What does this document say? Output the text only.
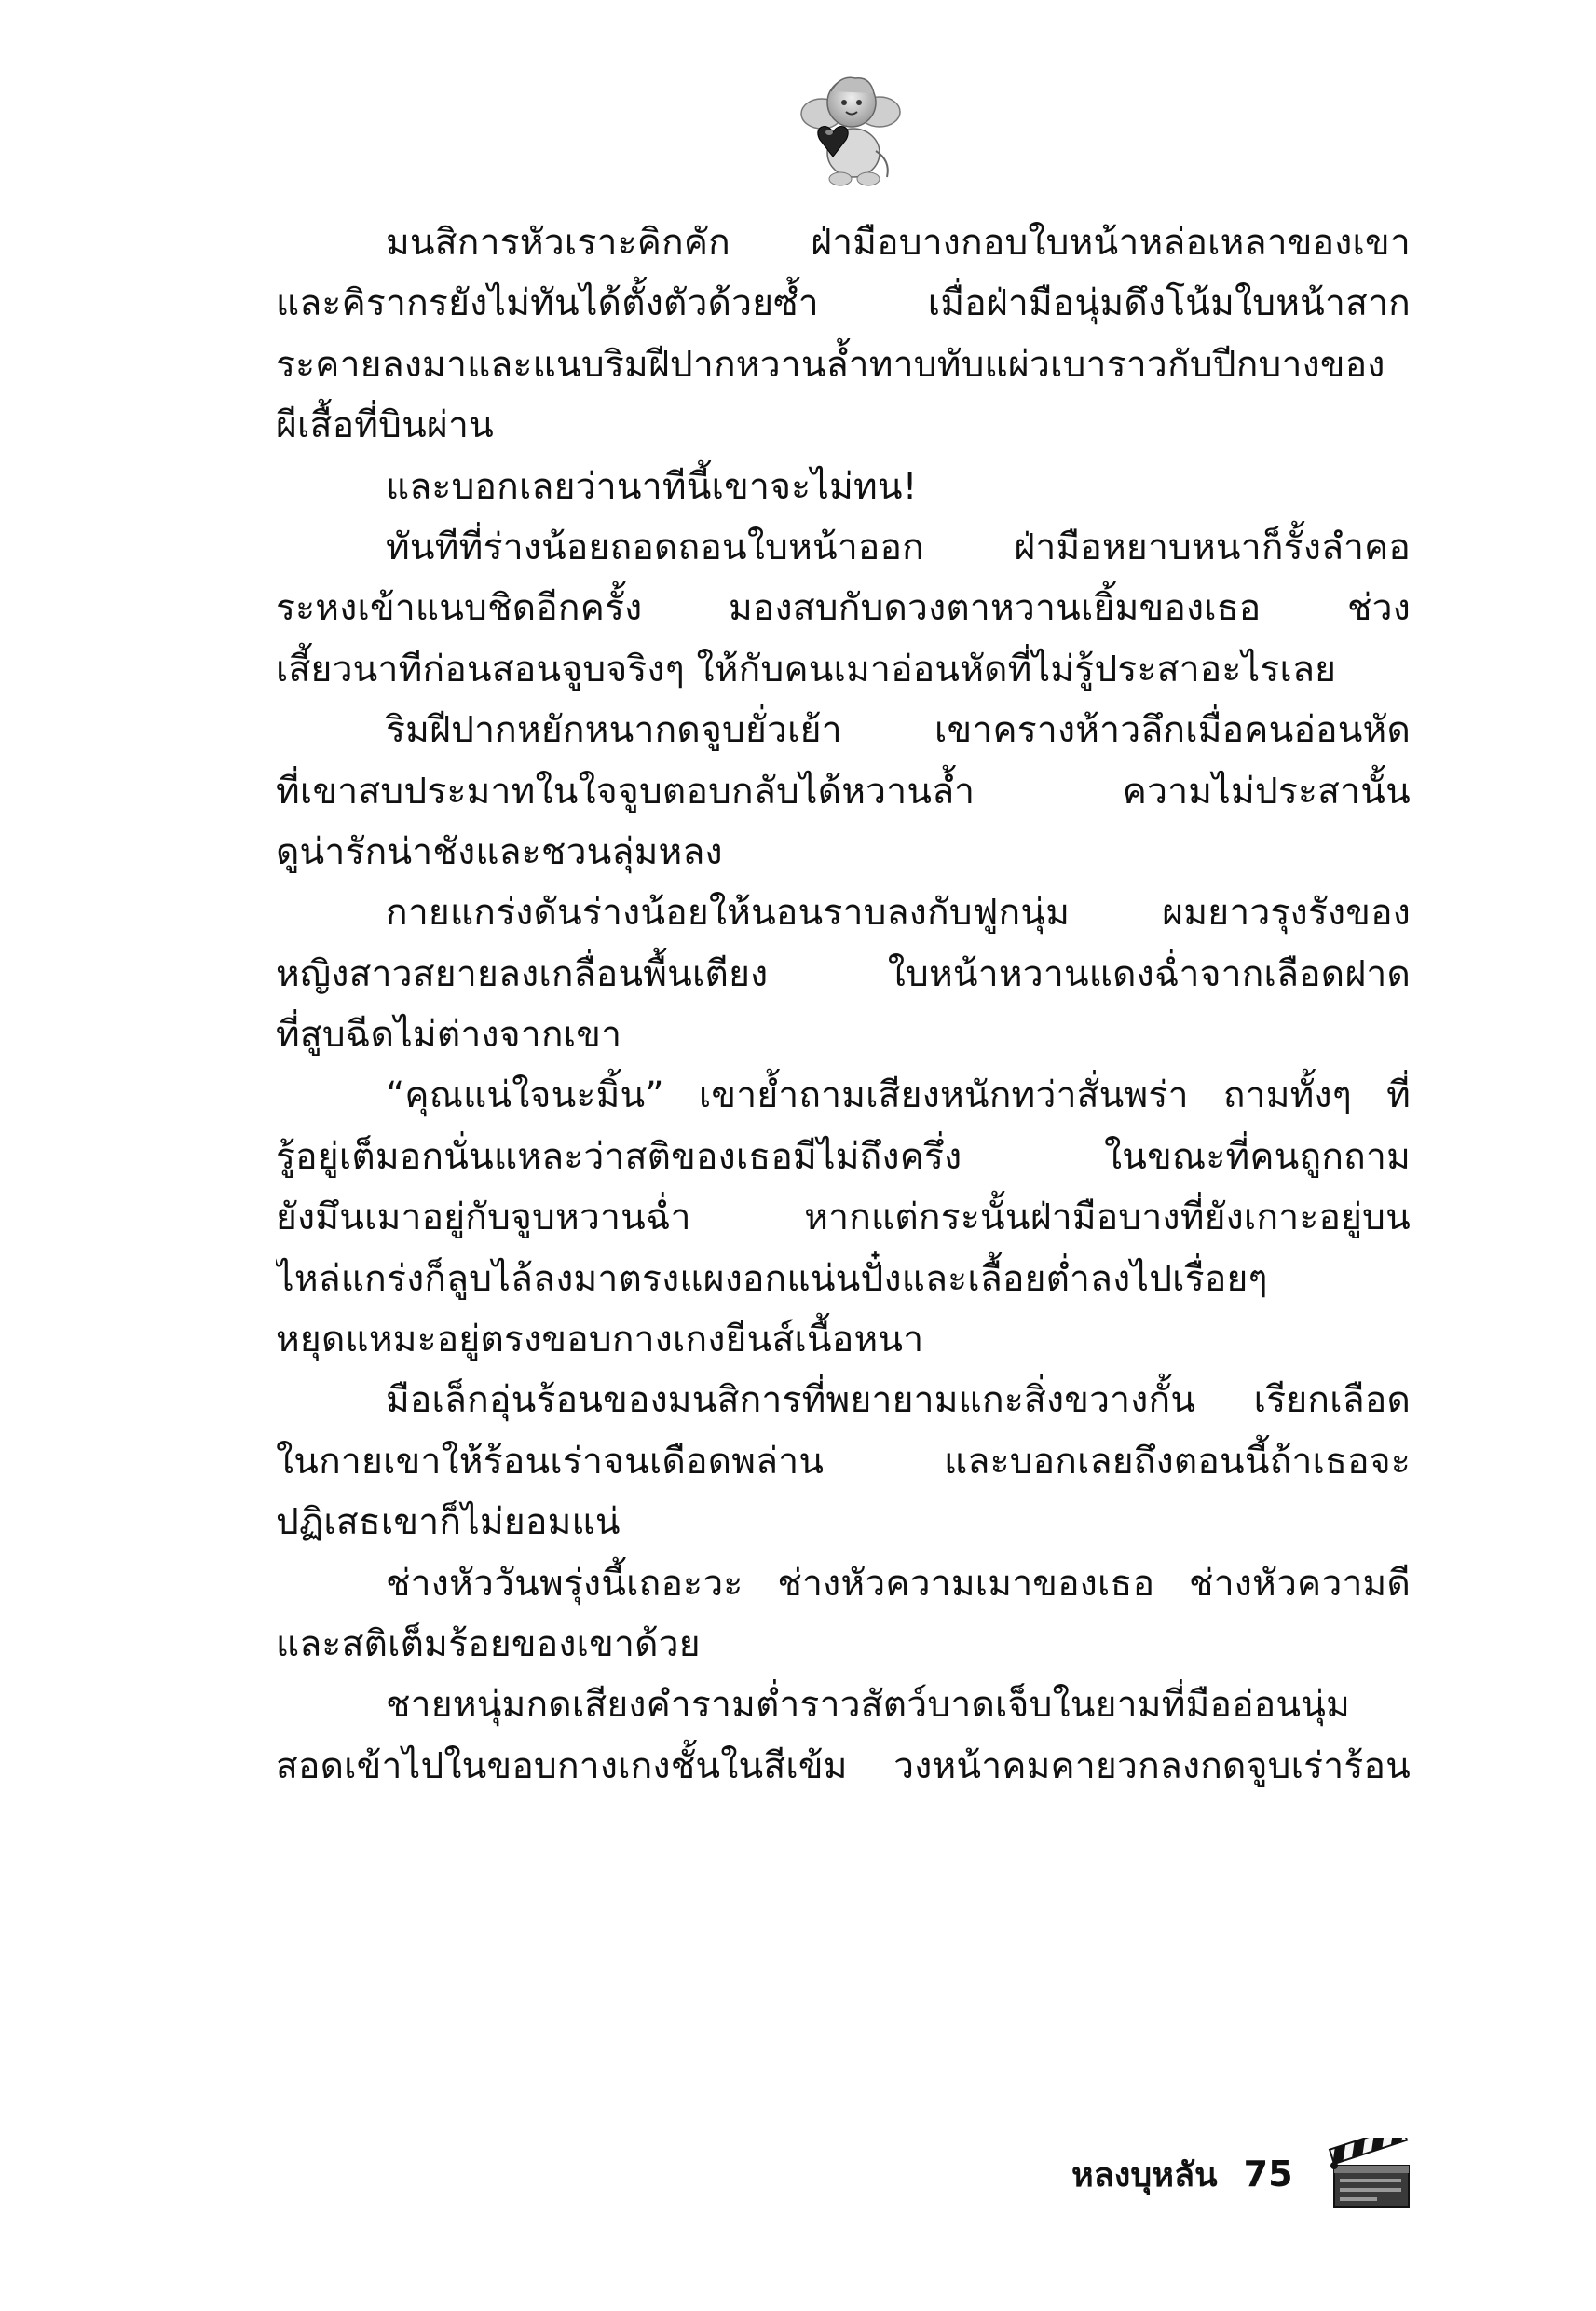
มนสิการหัวเราะคิกคัก ฝ่ามือบางกอบใบหน้าหล่อเหลาของเขา
และคิรากรยังไม่ทันได้ตั้งตัวด้วยซ้ำ เมื่อฝ่ามือนุ่มดึงโน้มใบหน้าสาก
ระคายลงมาและแนบริมฝีปากหวานล้ำทาบทับแผ่วเบาราวกับปีกบางของ
ผีเสื้อที่บินผ่าน
และบอกเลยว่านาทีนี้เขาจะไม่ทน!
ทันทีที่ร่างน้อยถอดถอนใบหน้าออก ฝ่ามือหยาบหนาก็รั้งลำคอ
ระหงเข้าแนบชิดอีกครั้ง มองสบกับดวงตาหวานเยิ้มของเธอ ช่วง
เสี้ยวนาทีก่อนสอนจูบจริงๆ ให้กับคนเมาอ่อนหัดที่ไม่รู้ประสาอะไรเลย
ริมฝีปากหยักหนากดจูบยั่วเย้า เขาครางห้าวลึกเมื่อคนอ่อนหัด
ที่เขาสบประมาทในใจจูบตอบกลับได้หวานล้ำ ความไม่ประสานั้น
ดูน่ารักน่าชังและชวนลุ่มหลง
กายแกร่งดันร่างน้อยให้นอนราบลงกับฟูกนุ่ม ผมยาวรุงรังของ
หญิงสาวสยายลงเกลื่อนพื้นเตียง ใบหน้าหวานแดงฉ่ำจากเลือดฝาด
ที่สูบฉีดไม่ต่างจากเขา
“คุณแน่ใจนะมิ้น” เขาย้ำถามเสียงหนักทว่าสั่นพร่า ถามทั้งๆ ที่
รู้อยู่เต็มอกนั่นแหละว่าสติของเธอมีไม่ถึงครึ่ง ในขณะที่คนถูกถาม
ยังมึนเมาอยู่กับจูบหวานฉ่ำ หากแต่กระนั้นฝ่ามือบางที่ยังเกาะอยู่บน
ไหล่แกร่งก็ลูบไล้ลงมาตรงแผงอกแน่นปั๋งและเลื้อยต่ำลงไปเรื่อยๆ
หยุดแหมะอยู่ตรงขอบกางเกงยีนส์เนื้อหนา
มือเล็กอุ่นร้อนของมนสิการที่พยายามแกะสิ่งขวางกั้น เรียกเลือด
ในกายเขาให้ร้อนเร่าจนเดือดพล่าน และบอกเลยถึงตอนนี้ถ้าเธอจะ
ปฏิเสธเขาก็ไม่ยอมแน่
ช่างหัววันพรุ่งนี้เถอะวะ ช่างหัวความเมาของเธอ ช่างหัวความดี
และสติเต็มร้อยของเขาด้วย
ชายหนุ่มกดเสียงคำรามต่ำราวสัตว์บาดเจ็บในยามที่มืออ่อนนุ่ม
สอดเข้าไปในขอบกางเกงชั้นในสีเข้ม วงหน้าคมคายวกลงกดจูบเร่าร้อน
หลงบุหลัน 75
